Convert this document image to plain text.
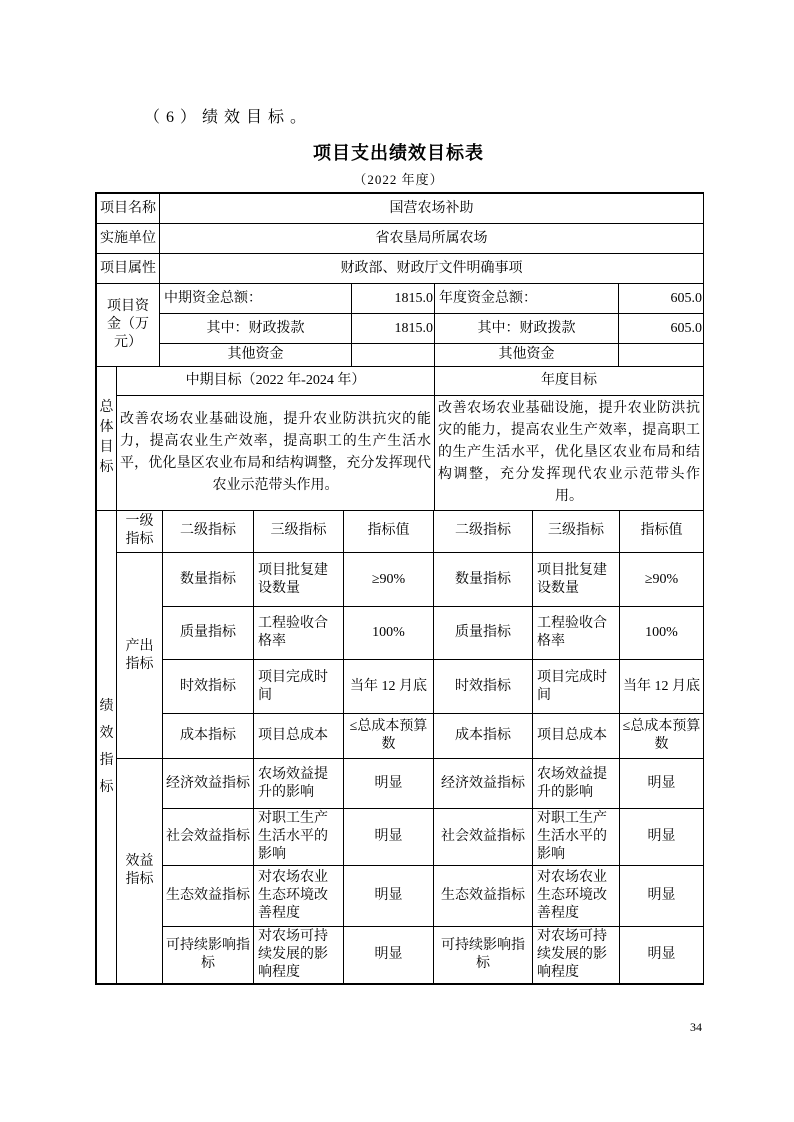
（6）绩效目标。
项目支出绩效目标表
（2022 年度）
项目名称	国营农场补助			
实施单位	省农垦局所属农场			
项目属性	财政部、财政厅文件明确事项			
项目资金（万元）	中期资金总额：	1815.0	年度资金总额：	605.0
	其中：财政拨款	1815.0	其中：财政拨款	605.0
	其他资金		其他资金	
总体目标	中期目标（2022 年-2024 年）	年度目标
	改善农场农业基础设施，提升农业防洪抗灾的能力，提高农业生产效率，提高职工的生产生活水平，优化垦区农业布局和结构调整，充分发挥现代农业示范带头作用。	改善农场农业基础设施，提升农业防洪抗灾的能力，提高农业生产效率，提高职工的生产生活水平，优化垦区农业布局和结构调整，充分发挥现代农业示范带头作用。
绩效指标	一级指标	二级指标	三级指标	指标值	二级指标	三级指标	指标值
	产出指标	数量指标	项目批复建设数量	≥90%	数量指标	项目批复建设数量	≥90%
		质量指标	工程验收合格率	100%	质量指标	工程验收合格率	100%
		时效指标	项目完成时间	当年 12 月底	时效指标	项目完成时间	当年 12 月底
		成本指标	项目总成本	≤总成本预算数	成本指标	项目总成本	≤总成本预算数
	效益指标	经济效益指标	农场效益提升的影响	明显	经济效益指标	农场效益提升的影响	明显
		社会效益指标	对职工生产生活水平的影响	明显	社会效益指标	对职工生产生活水平的影响	明显
		生态效益指标	对农场农业生态环境改善程度	明显	生态效益指标	对农场农业生态环境改善程度	明显
		可持续影响指标	对农场可持续发展的影响程度	明显	可持续影响指标	对农场可持续发展的影响程度	明显
34
